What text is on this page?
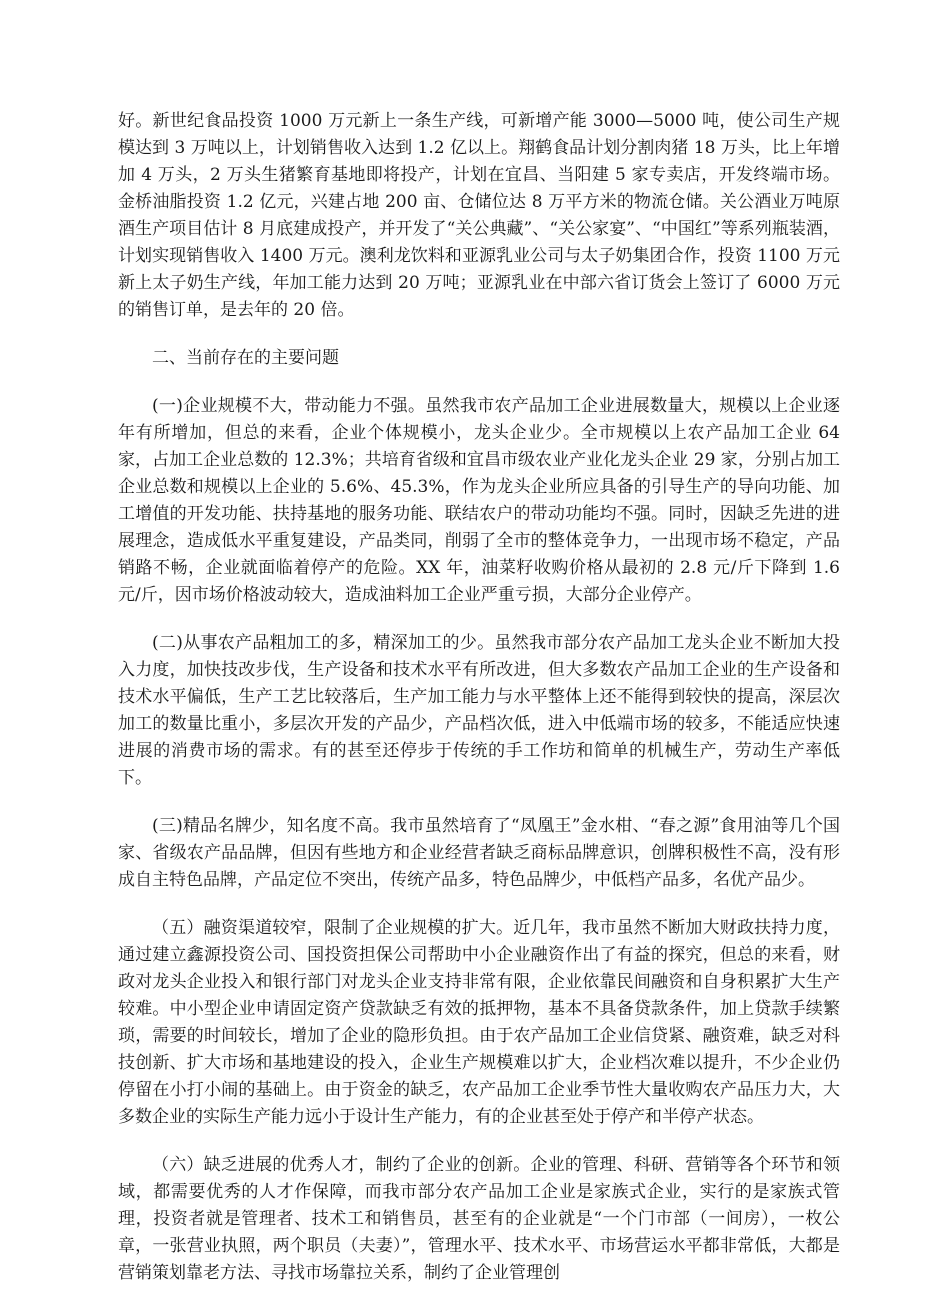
好。新世纪食品投资 1000 万元新上一条生产线，可新增产能 3000—5000 吨，使公司生产规模达到 3 万吨以上，计划销售收入达到 1.2 亿以上。翔鹤食品计划分割肉猪 18 万头，比上年增加 4 万头，2 万头生猪繁育基地即将投产，计划在宜昌、当阳建 5 家专卖店，开发终端市场。金桥油脂投资 1.2 亿元，兴建占地 200 亩、仓储位达 8 万平方米的物流仓储。关公酒业万吨原酒生产项目估计 8 月底建成投产，并开发了“关公典藏”、“关公家宴”、“中国红”等系列瓶装酒，计划实现销售收入 1400 万元。澳利龙饮料和亚源乳业公司与太子奶集团合作，投资 1100 万元新上太子奶生产线，年加工能力达到 20 万吨；亚源乳业在中部六省订货会上签订了 6000 万元的销售订单，是去年的 20 倍。

二、当前存在的主要问题

(一)企业规模不大，带动能力不强。虽然我市农产品加工企业进展数量大，规模以上企业逐年有所增加，但总的来看，企业个体规模小，龙头企业少。全市规模以上农产品加工企业 64 家，占加工企业总数的 12.3%；共培育省级和宜昌市级农业产业化龙头企业 29 家，分别占加工企业总数和规模以上企业的 5.6%、45.3%，作为龙头企业所应具备的引导生产的导向功能、加工增值的开发功能、扶持基地的服务功能、联结农户的带动功能均不强。同时，因缺乏先进的进展理念，造成低水平重复建设，产品类同，削弱了全市的整体竞争力，一出现市场不稳定，产品销路不畅，企业就面临着停产的危险。XX 年，油菜籽收购价格从最初的 2.8 元/斤下降到 1.6 元/斤，因市场价格波动较大，造成油料加工企业严重亏损，大部分企业停产。

(二)从事农产品粗加工的多，精深加工的少。虽然我市部分农产品加工龙头企业不断加大投入力度，加快技改步伐，生产设备和技术水平有所改进，但大多数农产品加工企业的生产设备和技术水平偏低，生产工艺比较落后，生产加工能力与水平整体上还不能得到较快的提高，深层次加工的数量比重小，多层次开发的产品少，产品档次低，进入中低端市场的较多，不能适应快速进展的消费市场的需求。有的甚至还停步于传统的手工作坊和简单的机械生产，劳动生产率低下。

(三)精品名牌少，知名度不高。我市虽然培育了“凤凰王”金水柑、“春之源”食用油等几个国家、省级农产品品牌，但因有些地方和企业经营者缺乏商标品牌意识，创牌积极性不高，没有形成自主特色品牌，产品定位不突出，传统产品多，特色品牌少，中低档产品多，名优产品少。

（五）融资渠道较窄，限制了企业规模的扩大。近几年，我市虽然不断加大财政扶持力度，通过建立鑫源投资公司、国投资担保公司帮助中小企业融资作出了有益的探究，但总的来看，财政对龙头企业投入和银行部门对龙头企业支持非常有限，企业依靠民间融资和自身积累扩大生产较难。中小型企业申请固定资产贷款缺乏有效的抵押物，基本不具备贷款条件，加上贷款手续繁琐，需要的时间较长，增加了企业的隐形负担。由于农产品加工企业信贷紧、融资难，缺乏对科技创新、扩大市场和基地建设的投入，企业生产规模难以扩大，企业档次难以提升，不少企业仍停留在小打小闹的基础上。由于资金的缺乏，农产品加工企业季节性大量收购农产品压力大，大多数企业的实际生产能力远小于设计生产能力，有的企业甚至处于停产和半停产状态。

（六）缺乏进展的优秀人才，制约了企业的创新。企业的管理、科研、营销等各个环节和领域，都需要优秀的人才作保障，而我市部分农产品加工企业是家族式企业，实行的是家族式管理，投资者就是管理者、技术工和销售员，甚至有的企业就是“一个门市部（一间房），一枚公章，一张营业执照，两个职员（夫妻）”，管理水平、技术水平、市场营运水平都非常低，大都是营销策划靠老方法、寻找市场靠拉关系，制约了企业管理创
